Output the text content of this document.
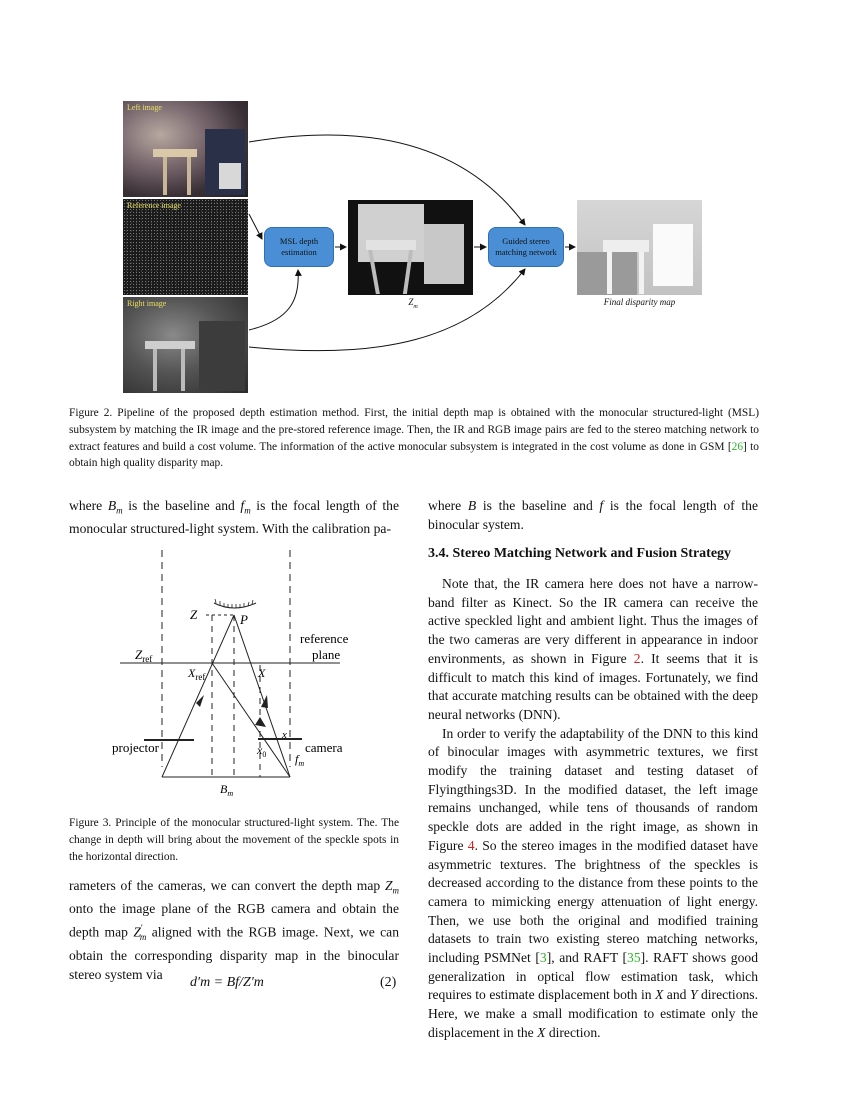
Left image
Reference image
Right image
MSL depth estimation
$Z_m$
Guided stereo matching network
Final disparity map
Figure 2. Pipeline of the proposed depth estimation method. First, the initial depth map is obtained with the monocular structured-light (MSL) subsystem by matching the IR image and the pre-stored reference image. Then, the IR and RGB image pairs are fed to the stereo matching network to extract features and build a cost volume. The information of the active monocular subsystem is integrated in the cost volume as done in GSM [26] to obtain high quality disparity map.
where $B_m$ is the baseline and $f_m$ is the focal length of the monocular structured-light system. With the calibration pa-
Z	P
reference
plane
$Z_{ref}$
$X_{ref}$	X
x
$x_0$
projector	camera
$f_m$
$B_m$
Figure 3. Principle of the monocular structured-light system. The. The change in depth will bring about the movement of the speckle spots in the horizontal direction.
rameters of the cameras, we can convert the depth map $Z_m$ onto the image plane of the RGB camera and obtain the depth map $Z'_m$ aligned with the RGB image. Next, we can obtain the corresponding disparity map in the binocular stereo system via
d′m = Bf/Z′m	(2)
where B is the baseline and f is the focal length of the binocular system.
3.4. Stereo Matching Network and Fusion Strategy

Note that, the IR camera here does not have a narrow-band filter as Kinect. So the IR camera can receive the active speckled light and ambient light. Thus the images of the two cameras are very different in appearance in indoor environments, as shown in Figure 2. It seems that it is difficult to match this kind of images. Fortunately, we find that accurate matching results can be obtained with the deep neural networks (DNN).

In order to verify the adaptability of the DNN to this kind of binocular images with asymmetric textures, we first modify the training dataset and testing dataset of Flyingthings3D. In the modified dataset, the left image remains unchanged, while tens of thousands of random speckle dots are added in the right image, as shown in Figure 4. So the stereo images in the modified dataset have asymmetric textures. The brightness of the speckles is decreased according to the distance from these points to the camera to mimicking energy attenuation of light energy. Then, we use both the original and modified training datasets to train two existing stereo matching networks, including PSMNet [3], and RAFT [35]. RAFT shows good generalization in optical flow estimation task, which requires to estimate displacement both in X and Y directions. Here, we make a small modification to estimate only the displacement in the X direction.
